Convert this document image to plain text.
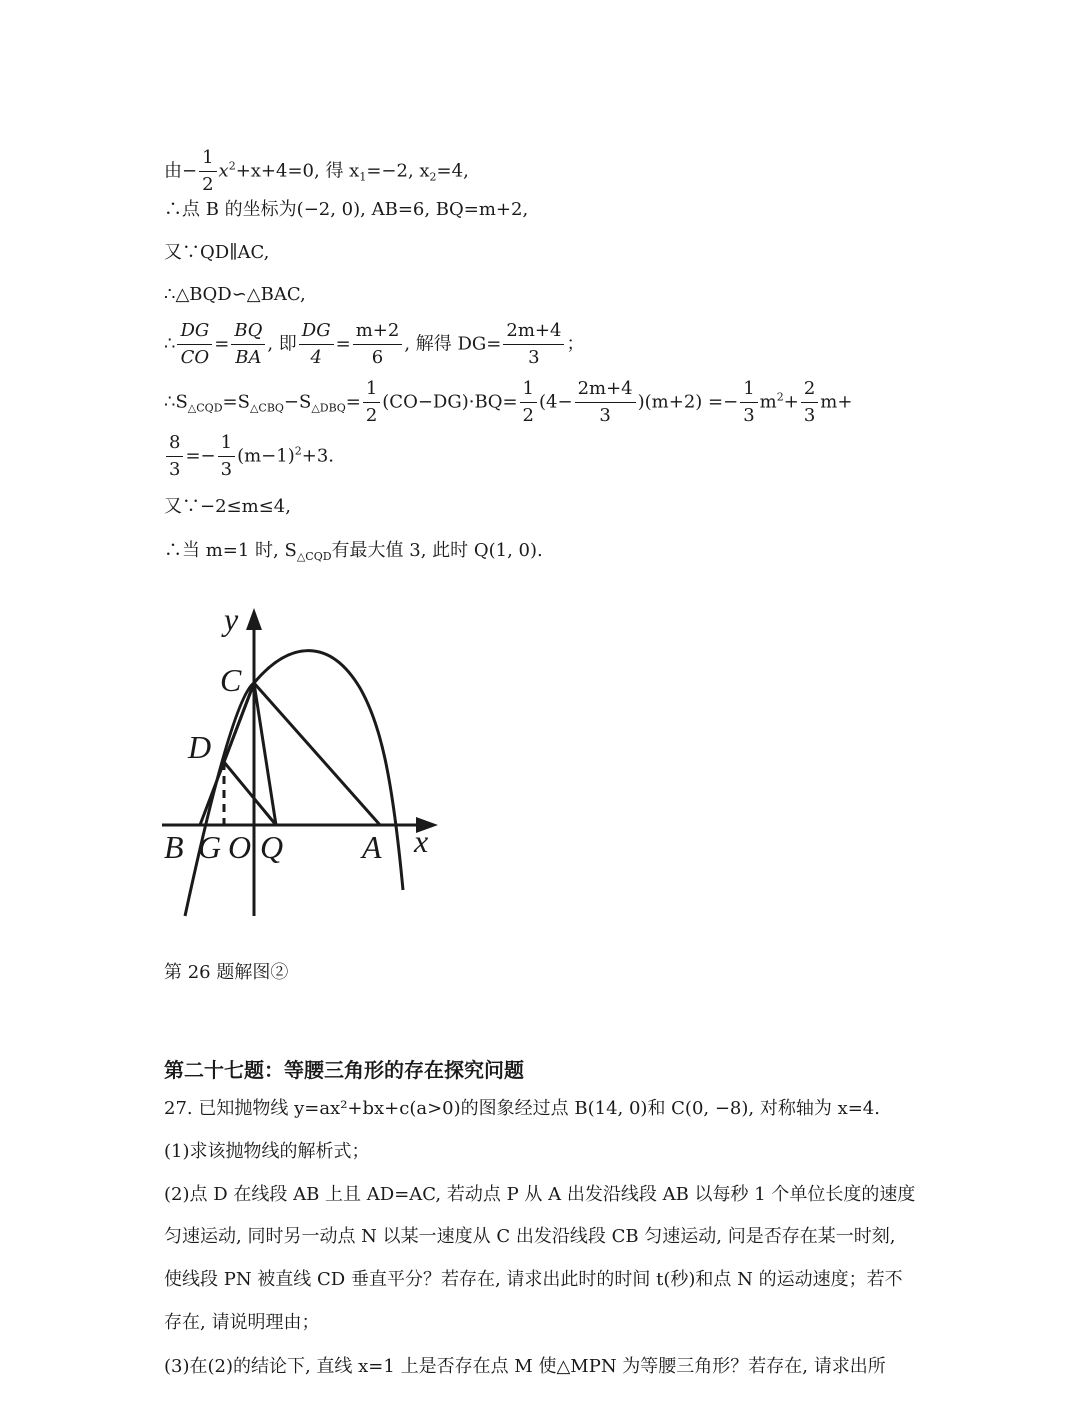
由− $\frac{1}{2} x^2+x+4=0$, 得 $x_1=-2$, $x_2=4$,
∴点 B 的坐标为(−2, 0), AB=6, BQ=m+2,
又∵QD∥AC,
∴△BQD∽△BAC,
∴ $\frac{DG}{CO} = \frac{BQ}{BA}$ , 即 $\frac{DG}{4} = \frac{m+2}{6}$ , 解得 $DG= \frac{2m+4}{3}$ ；
$\therefore S_{\triangle CQD}=S_{\triangle CBQ}-S_{\triangle DBQ}= \frac{1}{2} (CO-DG)\cdot BQ= \frac{1}{2} (4- \frac{2m+4}{3} )(m+2) =- \frac{1}{3} m^2+ \frac{2}{3} m+$
$\frac{8}{3} =- \frac{1}{3} (m-1)^2+3$.
又∵−2≤m≤4,
∴当 m=1 时, $S_{\triangle CQD}$有最大值 3, 此时 Q(1, 0).
y
C
D
B G O Q A x
第 26 题解图②
第二十七题：等腰三角形的存在探究问题
27. 已知抛物线 y=ax²+bx+c(a>0)的图象经过点 B(14, 0)和 C(0, −8), 对称轴为 x=4.
(1)求该抛物线的解析式；
(2)点 D 在线段 AB 上且 AD=AC, 若动点 P 从 A 出发沿线段 AB 以每秒 1 个单位长度的速度
匀速运动, 同时另一动点 N 以某一速度从 C 出发沿线段 CB 匀速运动, 问是否存在某一时刻,
使线段 PN 被直线 CD 垂直平分？若存在, 请求出此时的时间 t(秒)和点 N 的运动速度；若不
存在, 请说明理由；
(3)在(2)的结论下, 直线 x=1 上是否存在点 M 使△MPN 为等腰三角形？若存在, 请求出所
